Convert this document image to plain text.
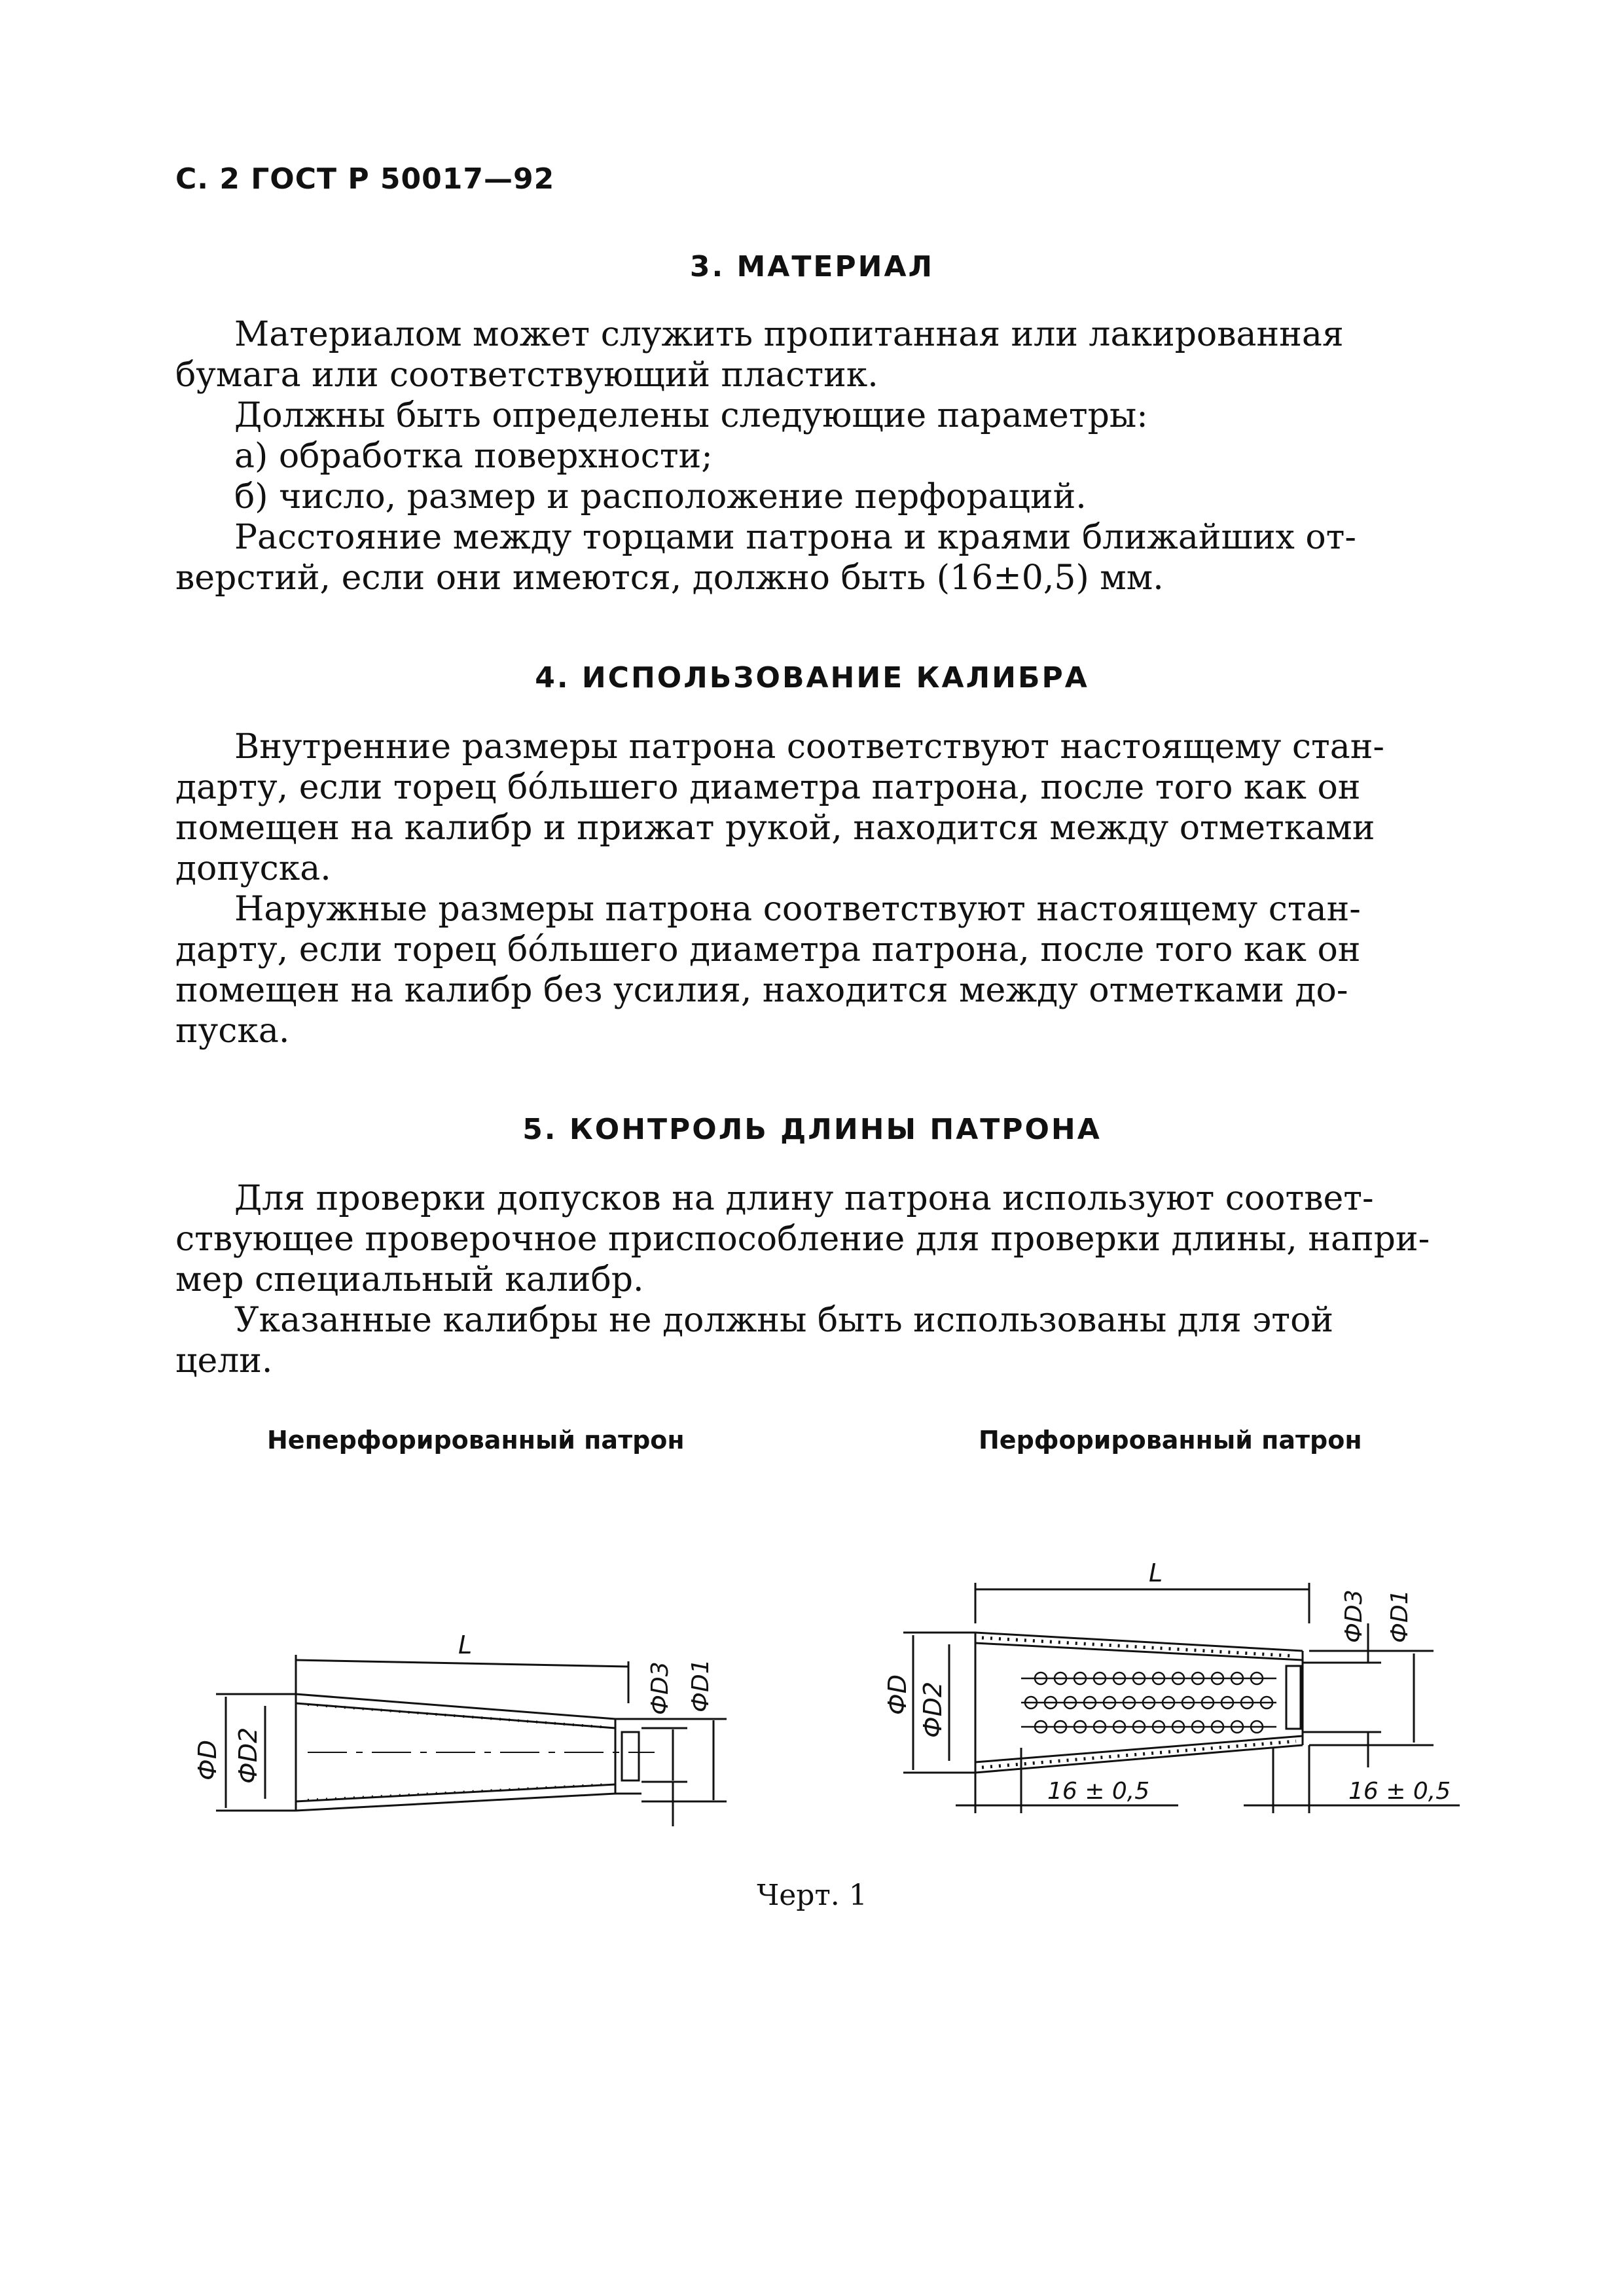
С. 2 ГОСТ Р 50017—92
3. МАТЕРИАЛ
Материалом может служить пропитанная или лакированная
бумага или соответствующий пластик.
Должны быть определены следующие параметры:
а) обработка поверхности;
б) число, размер и расположение перфораций.
Расстояние между торцами патрона и краями ближайших от-
верстий, если они имеются, должно быть (16±0,5) мм.
4. ИСПОЛЬЗОВАНИЕ КАЛИБРА
Внутренние размеры патрона соответствуют настоящему стан-
дарту, если торец бóльшего диаметра патрона, после того как он
помещен на калибр и прижат рукой, находится между отметками
допуска.
Наружные размеры патрона соответствуют настоящему стан-
дарту, если торец бóльшего диаметра патрона, после того как он
помещен на калибр без усилия, находится между отметками до-
пуска.
5. КОНТРОЛЬ ДЛИНЫ ПАТРОНА
Для проверки допусков на длину патрона используют соответ-
ствующее проверочное приспособление для проверки длины, напри-
мер специальный калибр.
Указанные калибры не должны быть использованы для этой
цели.
Неперфорированный патрон	Перфорированный патрон
L
ФD ФD2
ФD3 ФD1
L
ФD ФD2
ФD3 ФD1
16 ± 0,5	16 ± 0,5
Черт. 1
